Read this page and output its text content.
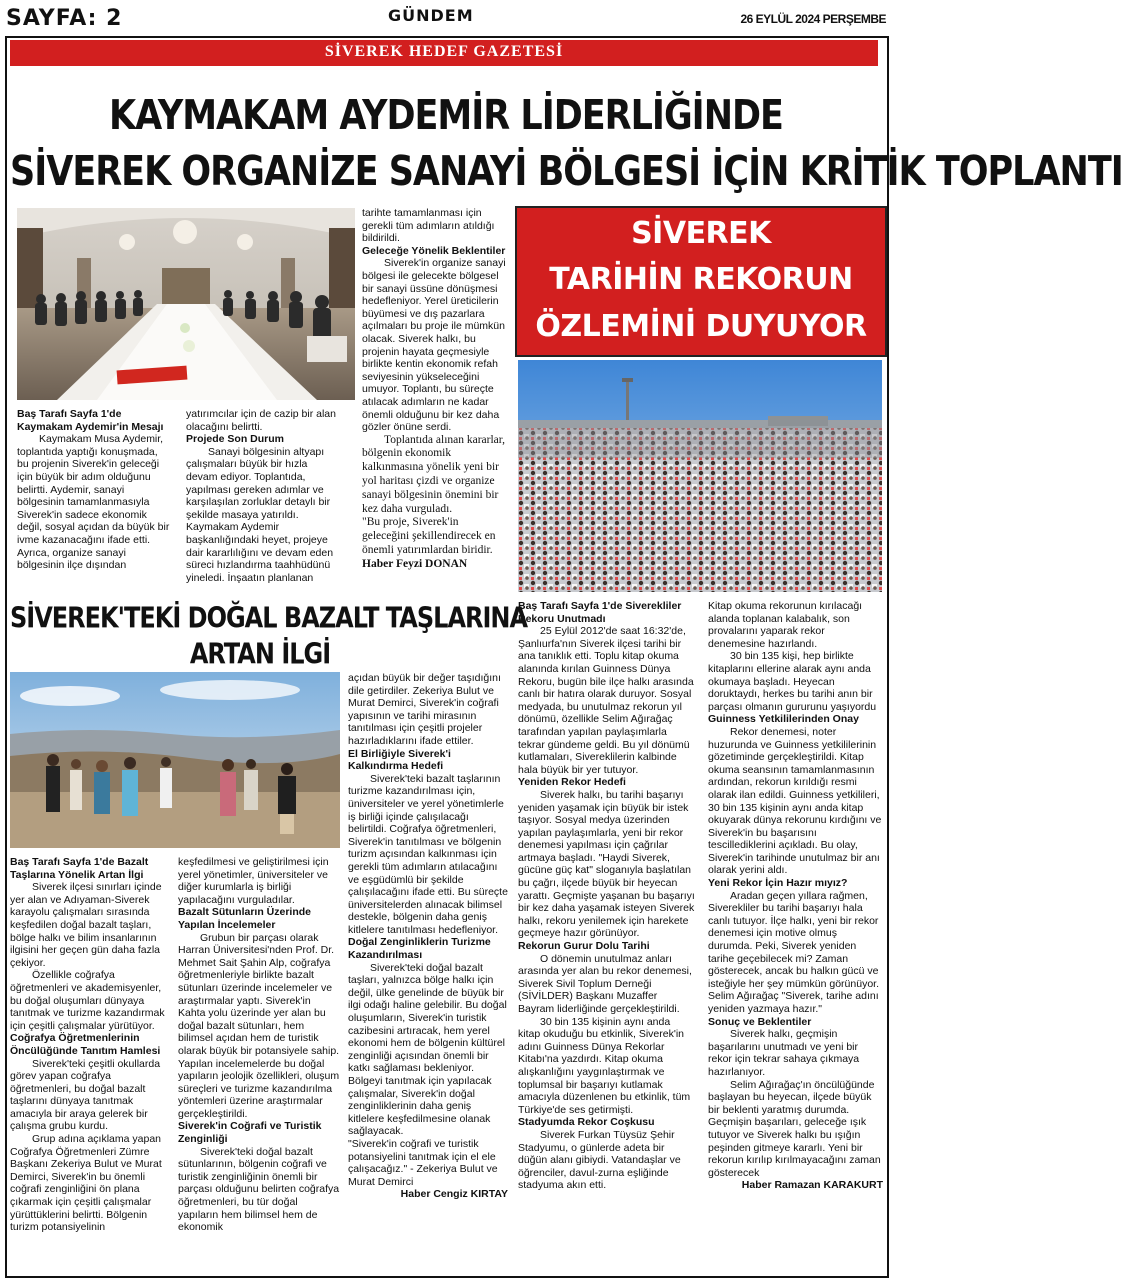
SAYFA: 2	GÜNDEM	26 EYLÜL 2024 PERŞEMBE
SİVEREK HEDEF GAZETESİ
KAYMAKAM AYDEMİR LİDERLİĞİNDE
SİVEREK ORGANİZE SANAYİ BÖLGESİ İÇİN KRİTİK TOPLANTI

Baş Tarafı Sayfa 1'de Kaymakam Aydemir'in Mesajı

Kaymakam Musa Aydemir, toplantıda yaptığı konuşmada, bu projenin Siverek'in geleceği için büyük bir adım olduğunu belirtti. Aydemir, sanayi bölgesinin tamamlanmasıyla Siverek'in sadece ekonomik değil, sosyal açıdan da büyük bir ivme kazanacağını ifade etti. Ayrıca, organize sanayi bölgesinin ilçe dışından

yatırımcılar için de cazip bir alan olacağını belirtti.

Projede Son Durum

Sanayi bölgesinin altyapı çalışmaları büyük bir hızla devam ediyor. Toplantıda, yapılması gereken adımlar ve karşılaşılan zorluklar detaylı bir şekilde masaya yatırıldı. Kaymakam Aydemir başkanlığındaki heyet, projeye dair kararlılığını ve devam eden süreci hızlandırma taahhüdünü yineledi. İnşaatın planlanan

tarihte tamamlanması için gerekli tüm adımların atıldığı bildirildi.

Geleceğe Yönelik Beklentiler

Siverek'in organize sanayi bölgesi ile gelecekte bölgesel bir sanayi üssüne dönüşmesi hedefleniyor. Yerel üreticilerin büyümesi ve dış pazarlara açılmaları bu proje ile mümkün olacak. Siverek halkı, bu projenin hayata geçmesiyle birlikte kentin ekonomik refah seviyesinin yükseleceğini umuyor. Toplantı, bu süreçte atılacak adımların ne kadar önemli olduğunu bir kez daha gözler önüne serdi.

Toplantıda alınan kararlar, bölgenin ekonomik kalkınmasına yönelik yeni bir yol haritası çizdi ve organize sanayi bölgesinin önemini bir kez daha vurguladı.

"Bu proje, Siverek'in geleceğini şekillendirecek en önemli yatırımlardan biridir.

Haber Feyzi DONAN

SİVEREK
TARİHİN REKORUN
ÖZLEMİNİ DUYUYOR

Baş Tarafı Sayfa 1'de Siverekliler Rekoru Unutmadı

25 Eylül 2012'de saat 16:32'de, Şanlıurfa'nın Siverek ilçesi tarihi bir ana tanıklık etti. Toplu kitap okuma alanında kırılan Guinness Dünya Rekoru, bugün bile ilçe halkı arasında canlı bir hatıra olarak duruyor. Sosyal medyada, bu unutulmaz rekorun yıl dönümü, özellikle Selim Ağırağaç tarafından yapılan paylaşımlarla tekrar gündeme geldi. Bu yıl dönümü kutlamaları, Sivereklilerin kalbinde hala büyük bir yer tutuyor.

Yeniden Rekor Hedefi

Siverek halkı, bu tarihi başarıyı yeniden yaşamak için büyük bir istek taşıyor. Sosyal medya üzerinden yapılan paylaşımlarla, yeni bir rekor denemesi yapılması için çağrılar artmaya başladı. "Haydi Siverek, gücüne güç kat" sloganıyla başlatılan bu çağrı, ilçede büyük bir heyecan yarattı. Geçmişte yaşanan bu başarıyı bir kez daha yaşamak isteyen Siverek halkı, rekoru yenilemek için harekete geçmeye hazır görünüyor.

Rekorun Gurur Dolu Tarihi

O dönemin unutulmaz anları arasında yer alan bu rekor denemesi, Siverek Sivil Toplum Derneği (SİVİLDER) Başkanı Muzaffer Bayram liderliğinde gerçekleştirildi.

30 bin 135 kişinin aynı anda kitap okuduğu bu etkinlik, Siverek'in adını Guinness Dünya Rekorlar Kitabı'na yazdırdı. Kitap okuma alışkanlığını yaygınlaştırmak ve toplumsal bir başarıyı kutlamak amacıyla düzenlenen bu etkinlik, tüm Türkiye'de ses getirmişti.

Stadyumda Rekor Coşkusu

Siverek Furkan Tüysüz Şehir Stadyumu, o günlerde adeta bir düğün alanı gibiydi. Vatandaşlar ve öğrenciler, davul-zurna eşliğinde stadyuma akın etti.

Kitap okuma rekorunun kırılacağı alanda toplanan kalabalık, son provalarını yaparak rekor denemesine hazırlandı.

30 bin 135 kişi, hep birlikte kitaplarını ellerine alarak aynı anda okumaya başladı. Heyecan doruktaydı, herkes bu tarihi anın bir parçası olmanın gururunu yaşıyordu

Guinness Yetkililerinden Onay

Rekor denemesi, noter huzurunda ve Guinness yetkililerinin gözetiminde gerçekleştirildi. Kitap okuma seansının tamamlanmasının ardından, rekorun kırıldığı resmi olarak ilan edildi. Guinness yetkilileri, 30 bin 135 kişinin aynı anda kitap okuyarak dünya rekorunu kırdığını ve Siverek'in bu başarısını tescillediklerini açıkladı. Bu olay, Siverek'in tarihinde unutulmaz bir anı olarak yerini aldı.

Yeni Rekor İçin Hazır mıyız?

Aradan geçen yıllara rağmen, Siverekliler bu tarihi başarıyı hala canlı tutuyor. İlçe halkı, yeni bir rekor denemesi için motive olmuş durumda. Peki, Siverek yeniden tarihe geçebilecek mi? Zaman gösterecek, ancak bu halkın gücü ve isteğiyle her şey mümkün görünüyor.

Selim Ağırağaç "Siverek, tarihe adını yeniden yazmaya hazır."

Sonuç ve Beklentiler

Siverek halkı, geçmişin başarılarını unutmadı ve yeni bir rekor için tekrar sahaya çıkmaya hazırlanıyor.

Selim Ağırağaç'ın öncülüğünde başlayan bu heyecan, ilçede büyük bir beklenti yaratmış durumda. Geçmişin başarıları, geleceğe ışık tutuyor ve Siverek halkı bu ışığın peşinden gitmeye kararlı. Yeni bir rekorun kırılıp kırılmayacağını zaman gösterecek

Haber Ramazan KARAKURT

SİVEREK'TEKİ DOĞAL BAZALT TAŞLARINA
ARTAN İLGİ

açıdan büyük bir değer taşıdığını dile getirdiler. Zekeriya Bulut ve Murat Demirci, Siverek'in coğrafi yapısının ve tarihi mirasının tanıtılması için çeşitli projeler hazırladıklarını ifade ettiler.

El Birliğiyle Siverek'i Kalkındırma Hedefi

Siverek'teki bazalt taşlarının turizme kazandırılması için, üniversiteler ve yerel yönetimlerle iş birliği içinde çalışılacağı belirtildi. Coğrafya öğretmenleri, Siverek'in tanıtılması ve bölgenin turizm açısından kalkınması için gerekli tüm adımların atılacağını ve eşgüdümlü bir şekilde çalışılacağını ifade etti. Bu süreçte üniversitelerden alınacak bilimsel destekle, bölgenin daha geniş kitlelere tanıtılması hedefleniyor.

Doğal Zenginliklerin Turizme Kazandırılması

Siverek'teki doğal bazalt taşları, yalnızca bölge halkı için değil, ülke genelinde de büyük bir ilgi odağı haline gelebilir. Bu doğal oluşumların, Siverek'in turistik cazibesini artıracak, hem yerel ekonomi hem de bölgenin kültürel zenginliği açısından önemli bir katkı sağlaması bekleniyor. Bölgeyi tanıtmak için yapılacak çalışmalar, Siverek'in doğal zenginliklerinin daha geniş kitlelere keşfedilmesine olanak sağlayacak.

"Siverek'in coğrafi ve turistik potansiyelini tanıtmak için el ele çalışacağız." - Zekeriya Bulut ve Murat Demirci

Haber Cengiz KIRTAY

Baş Tarafı Sayfa 1'de Bazalt Taşlarına Yönelik Artan İlgi

Siverek ilçesi sınırları içinde yer alan ve Adıyaman-Siverek karayolu çalışmaları sırasında keşfedilen doğal bazalt taşları, bölge halkı ve bilim insanlarının ilgisini her geçen gün daha fazla çekiyor.

Özellikle coğrafya öğretmenleri ve akademisyenler, bu doğal oluşumları dünyaya tanıtmak ve turizme kazandırmak için çeşitli çalışmalar yürütüyor.

Coğrafya Öğretmenlerinin Öncülüğünde Tanıtım Hamlesi

Siverek'teki çeşitli okullarda görev yapan coğrafya öğretmenleri, bu doğal bazalt taşlarını dünyaya tanıtmak amacıyla bir araya gelerek bir çalışma grubu kurdu.

Grup adına açıklama yapan Coğrafya Öğretmenleri Zümre Başkanı Zekeriya Bulut ve Murat Demirci, Siverek'in bu önemli coğrafi zenginliğini ön plana çıkarmak için çeşitli çalışmalar yürüttüklerini belirtti. Bölgenin turizm potansiyelinin

keşfedilmesi ve geliştirilmesi için yerel yönetimler, üniversiteler ve diğer kurumlarla iş birliği yapılacağını vurguladılar.

Bazalt Sütunların Üzerinde Yapılan İncelemeler

Grubun bir parçası olarak Harran Üniversitesi'nden Prof. Dr. Mehmet Sait Şahin Alp, coğrafya öğretmenleriyle birlikte bazalt sütunları üzerinde incelemeler ve araştırmalar yaptı. Siverek'in Kahta yolu üzerinde yer alan bu doğal bazalt sütunları, hem bilimsel açıdan hem de turistik olarak büyük bir potansiyele sahip. Yapılan incelemelerde bu doğal yapıların jeolojik özellikleri, oluşum süreçleri ve turizme kazandırılma yöntemleri üzerine araştırmalar gerçekleştirildi.

Siverek'in Coğrafi ve Turistik Zenginliği

Siverek'teki doğal bazalt sütunlarının, bölgenin coğrafi ve turistik zenginliğinin önemli bir parçası olduğunu belirten coğrafya öğretmenleri, bu tür doğal yapıların hem bilimsel hem de ekonomik
